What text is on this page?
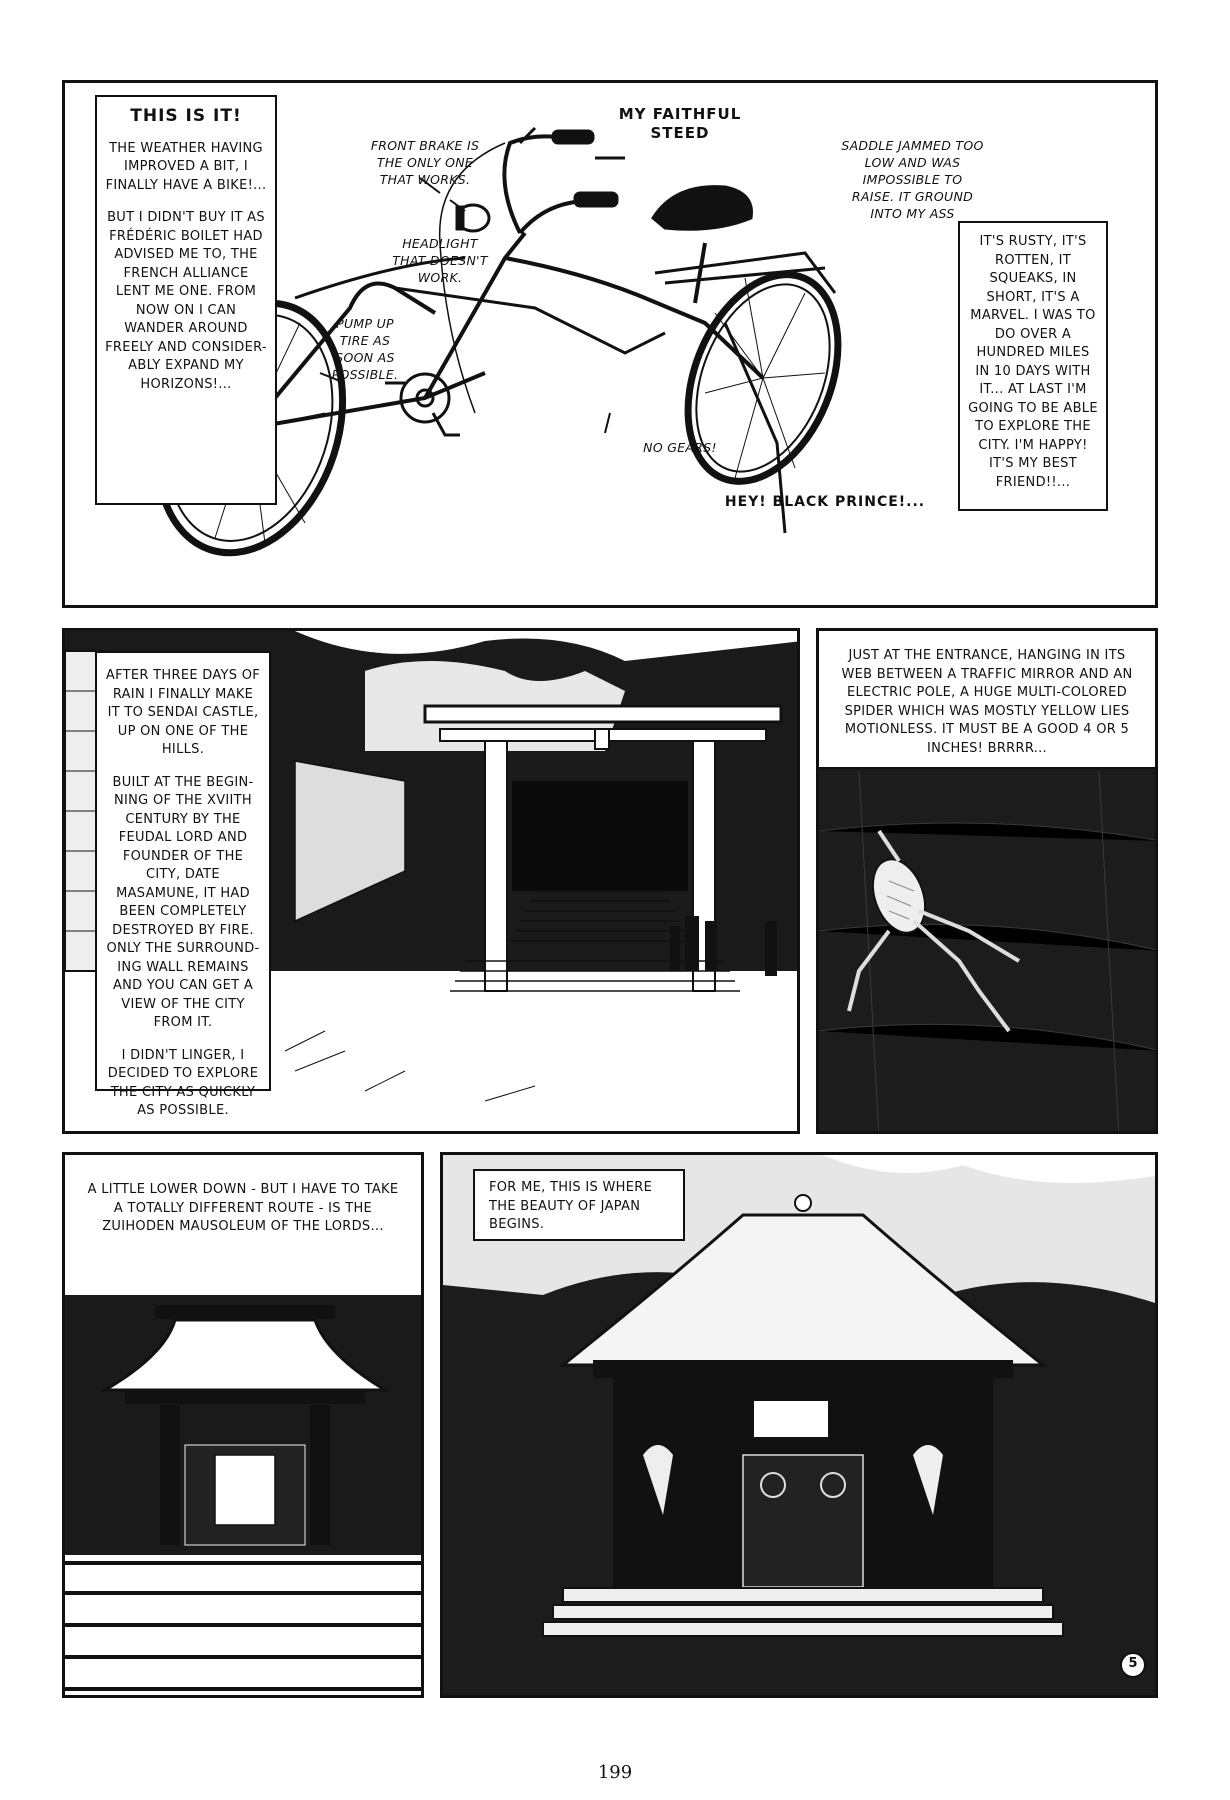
THIS IS IT!

THE WEATHER HAVING IMPROVED A BIT, I FINALLY HAVE A BIKE!...

BUT I DIDN'T BUY IT AS FRÉDÉRIC BOILET HAD ADVISED ME TO, THE FRENCH ALLIANCE LENT ME ONE. FROM NOW ON I CAN WANDER AROUND FREELY AND CONSIDER-ABLY EXPAND MY HORIZONS!...

MY FAITHFUL STEED
FRONT BRAKE IS THE ONLY ONE THAT WORKS.
HEADLIGHT THAT DOESN'T WORK.
PUMP UP TIRE AS SOON AS POSSIBLE.
SADDLE JAMMED TOO LOW AND WAS IMPOSSIBLE TO RAISE. IT GROUND INTO MY ASS
NO GEARS!
IT'S RUSTY, IT'S ROTTEN, IT SQUEAKS, IN SHORT, IT'S A MARVEL. I WAS TO DO OVER A HUNDRED MILES IN 10 DAYS WITH IT... AT LAST I'M GOING TO BE ABLE TO EXPLORE THE CITY. I'M HAPPY! IT'S MY BEST FRIEND!!...
HEY! BLACK PRINCE!...

AFTER THREE DAYS OF RAIN I FINALLY MAKE IT TO SENDAI CASTLE, UP ON ONE OF THE HILLS.

BUILT AT THE BEGIN-NING OF THE XVIITH CENTURY BY THE FEUDAL LORD AND FOUNDER OF THE CITY, DATE MASAMUNE, IT HAD BEEN COMPLETELY DESTROYED BY FIRE. ONLY THE SURROUND-ING WALL REMAINS AND YOU CAN GET A VIEW OF THE CITY FROM IT.

I DIDN'T LINGER, I DECIDED TO EXPLORE THE CITY AS QUICKLY AS POSSIBLE.

JUST AT THE ENTRANCE, HANGING IN ITS WEB BETWEEN A TRAFFIC MIRROR AND AN ELECTRIC POLE, A HUGE MULTI-COLORED SPIDER WHICH WAS MOSTLY YELLOW LIES MOTIONLESS. IT MUST BE A GOOD 4 OR 5 INCHES! BRRRR...
A LITTLE LOWER DOWN - BUT I HAVE TO TAKE A TOTALLY DIFFERENT ROUTE - IS THE ZUIHODEN MAUSOLEUM OF THE LORDS...
FOR ME, THIS IS WHERE THE BEAUTY OF JAPAN BEGINS.
5
199
